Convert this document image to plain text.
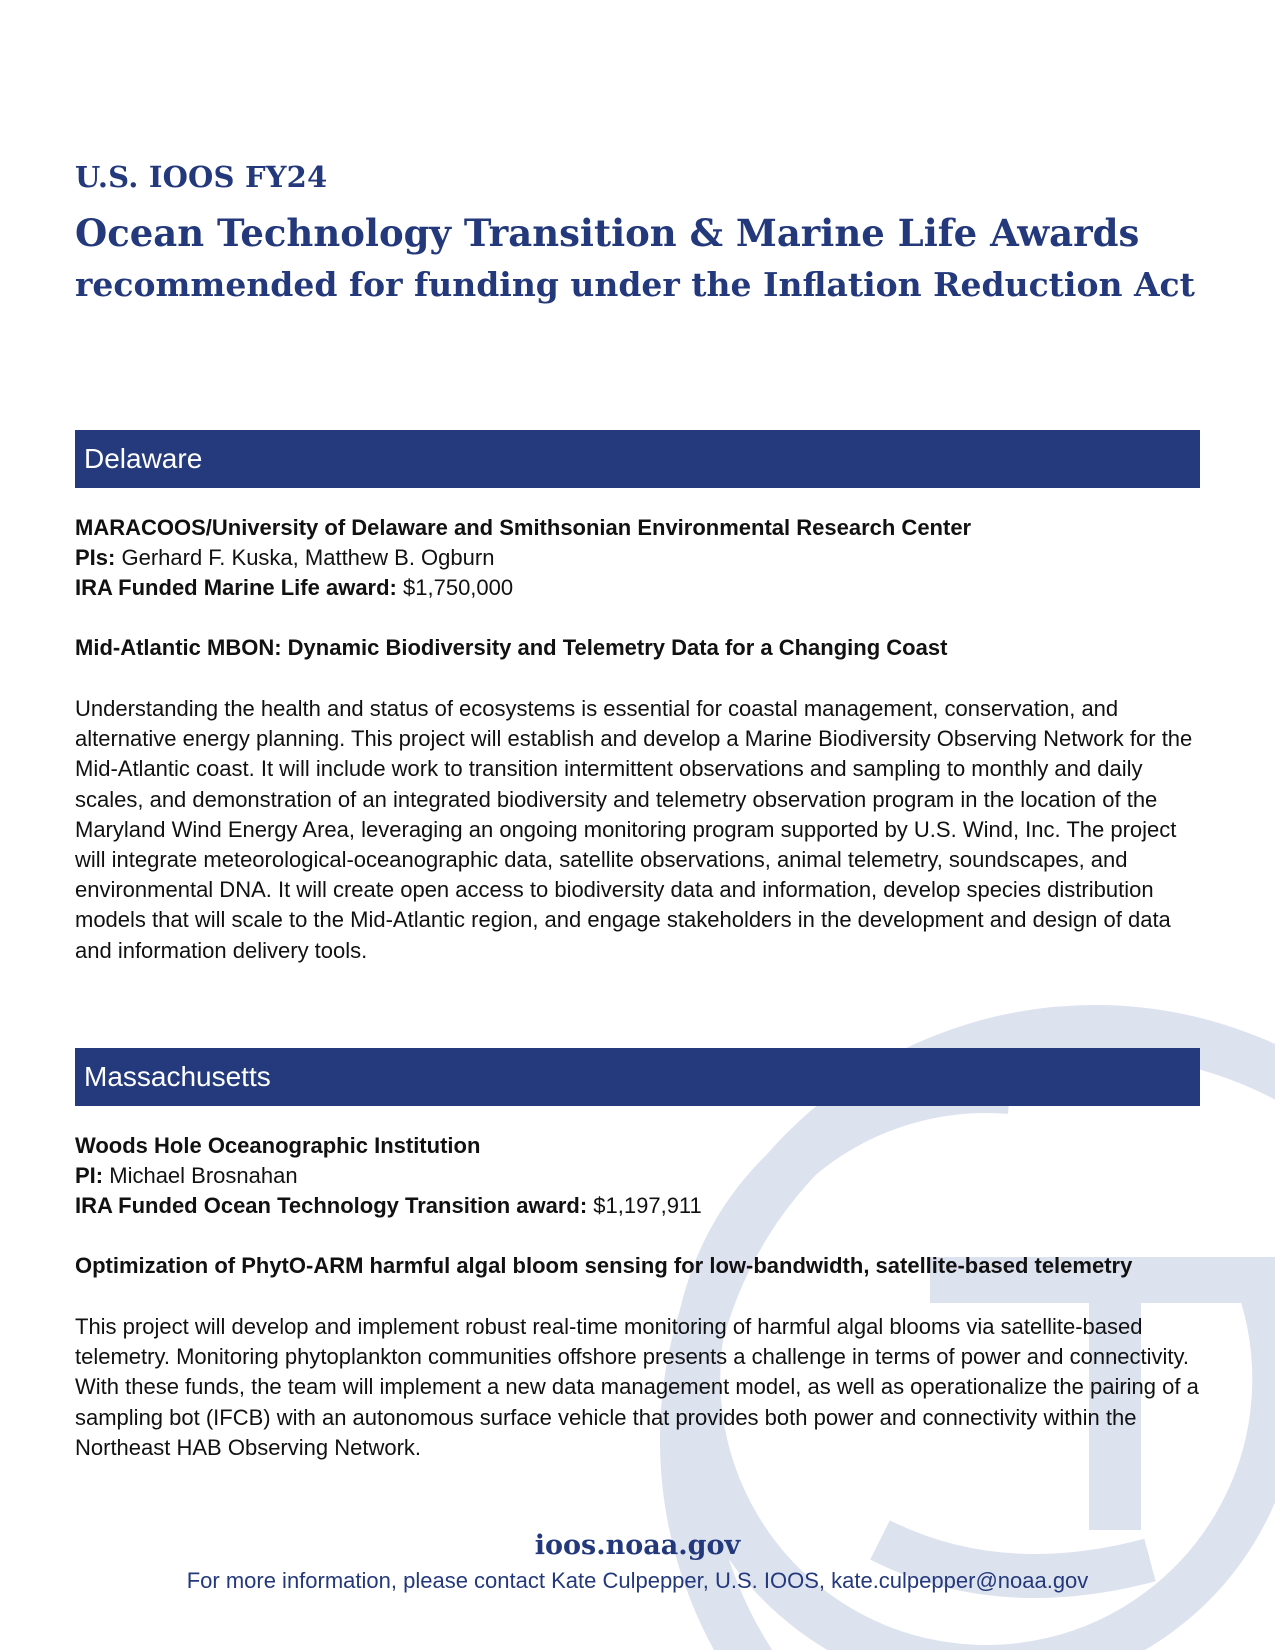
U.S. IOOS FY24
Ocean Technology Transition & Marine Life Awards
recommended for funding under the Inflation Reduction Act
Delaware
MARACOOS/University of Delaware and Smithsonian Environmental Research Center
PIs: Gerhard F. Kuska, Matthew B. Ogburn
IRA Funded Marine Life award: $1,750,000
Mid-Atlantic MBON: Dynamic Biodiversity and Telemetry Data for a Changing Coast

Understanding the health and status of ecosystems is essential for coastal management, conservation, and alternative energy planning. This project will establish and develop a Marine Biodiversity Observing Network for the Mid-Atlantic coast. It will include work to transition intermittent observations and sampling to monthly and daily scales, and demonstration of an integrated biodiversity and telemetry observation program in the location of the Maryland Wind Energy Area, leveraging an ongoing monitoring program supported by U.S. Wind, Inc. The project will integrate meteorological-oceanographic data, satellite observations, animal telemetry, soundscapes, and environmental DNA. It will create open access to biodiversity data and information, develop species distribution models that will scale to the Mid-Atlantic region, and engage stakeholders in the development and design of data and information delivery tools.

Massachusetts
Woods Hole Oceanographic Institution
PI: Michael Brosnahan
IRA Funded Ocean Technology Transition award: $1,197,911
Optimization of PhytO-ARM harmful algal bloom sensing for low-bandwidth, satellite-based telemetry

This project will develop and implement robust real-time monitoring of harmful algal blooms via satellite-based telemetry. Monitoring phytoplankton communities offshore presents a challenge in terms of power and connectivity. With these funds, the team will implement a new data management model, as well as operationalize the pairing of a sampling bot (IFCB) with an autonomous surface vehicle that provides both power and connectivity within the Northeast HAB Observing Network.

ioos.noaa.gov
For more information, please contact Kate Culpepper, U.S. IOOS, kate.culpepper@noaa.gov
